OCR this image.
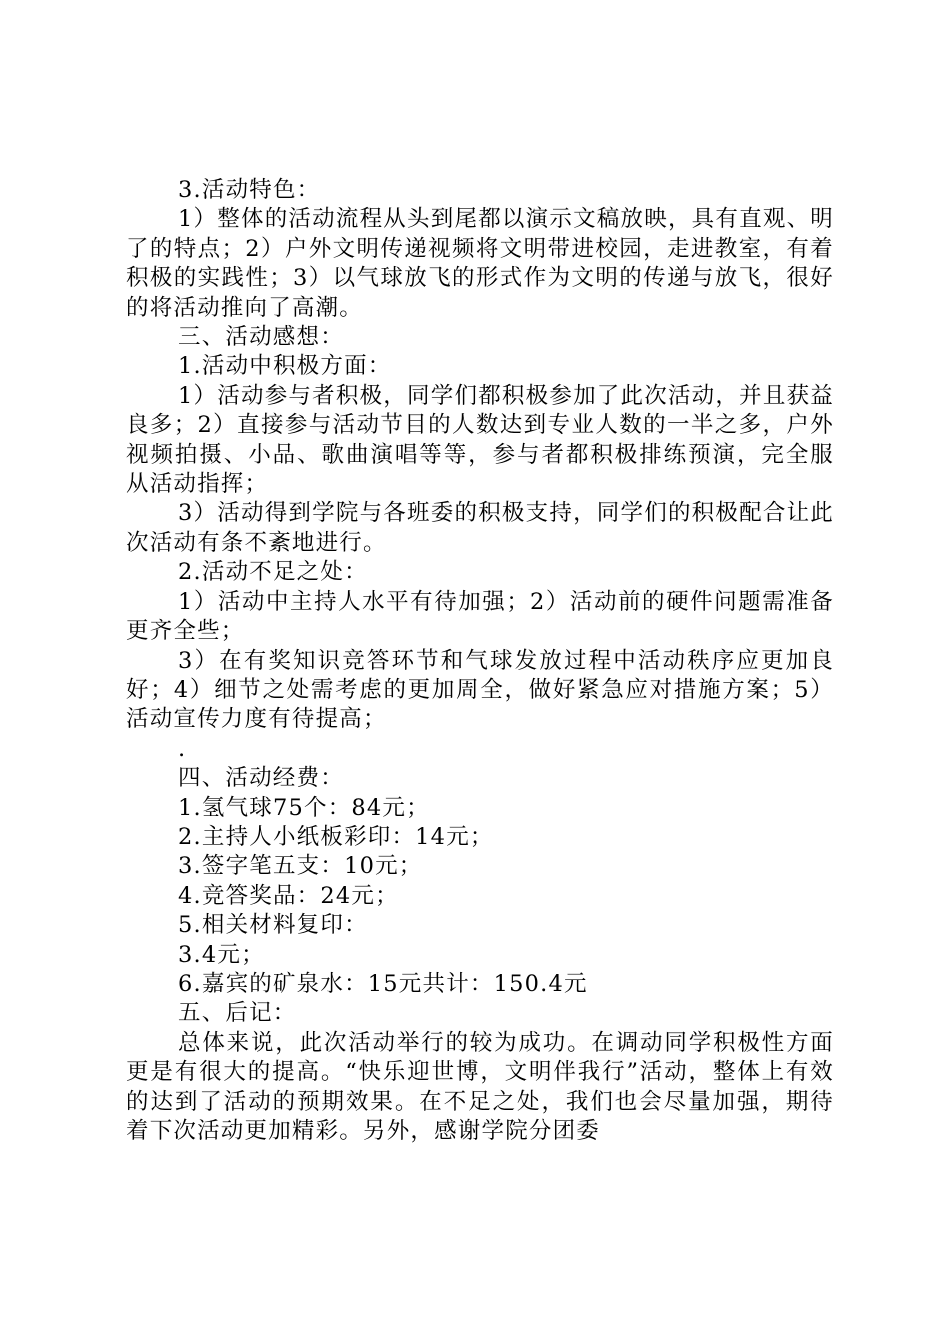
3.活动特色：

1）整体的活动流程从头到尾都以演示文稿放映，具有直观、明了的特点；2）户外文明传递视频将文明带进校园，走进教室，有着积极的实践性；3）以气球放飞的形式作为文明的传递与放飞，很好的将活动推向了高潮。

三、活动感想：

1.活动中积极方面：

1）活动参与者积极，同学们都积极参加了此次活动，并且获益良多；2）直接参与活动节目的人数达到专业人数的一半之多，户外视频拍摄、小品、歌曲演唱等等，参与者都积极排练预演，完全服从活动指挥；

3）活动得到学院与各班委的积极支持，同学们的积极配合让此次活动有条不紊地进行。

2.活动不足之处：

1）活动中主持人水平有待加强；2）活动前的硬件问题需准备更齐全些；

3）在有奖知识竞答环节和气球发放过程中活动秩序应更加良好；4）细节之处需考虑的更加周全，做好紧急应对措施方案；5）活动宣传力度有待提高；

.

四、活动经费：

1.氢气球75个：84元；

2.主持人小纸板彩印：14元；

3.签字笔五支：10元；

4.竞答奖品：24元；

5.相关材料复印：

3.4元；

6.嘉宾的矿泉水：15元共计：150.4元

五、后记：

总体来说，此次活动举行的较为成功。在调动同学积极性方面更是有很大的提高。“快乐迎世博，文明伴我行”活动，整体上有效的达到了活动的预期效果。在不足之处，我们也会尽量加强，期待着下次活动更加精彩。另外，感谢学院分团委
